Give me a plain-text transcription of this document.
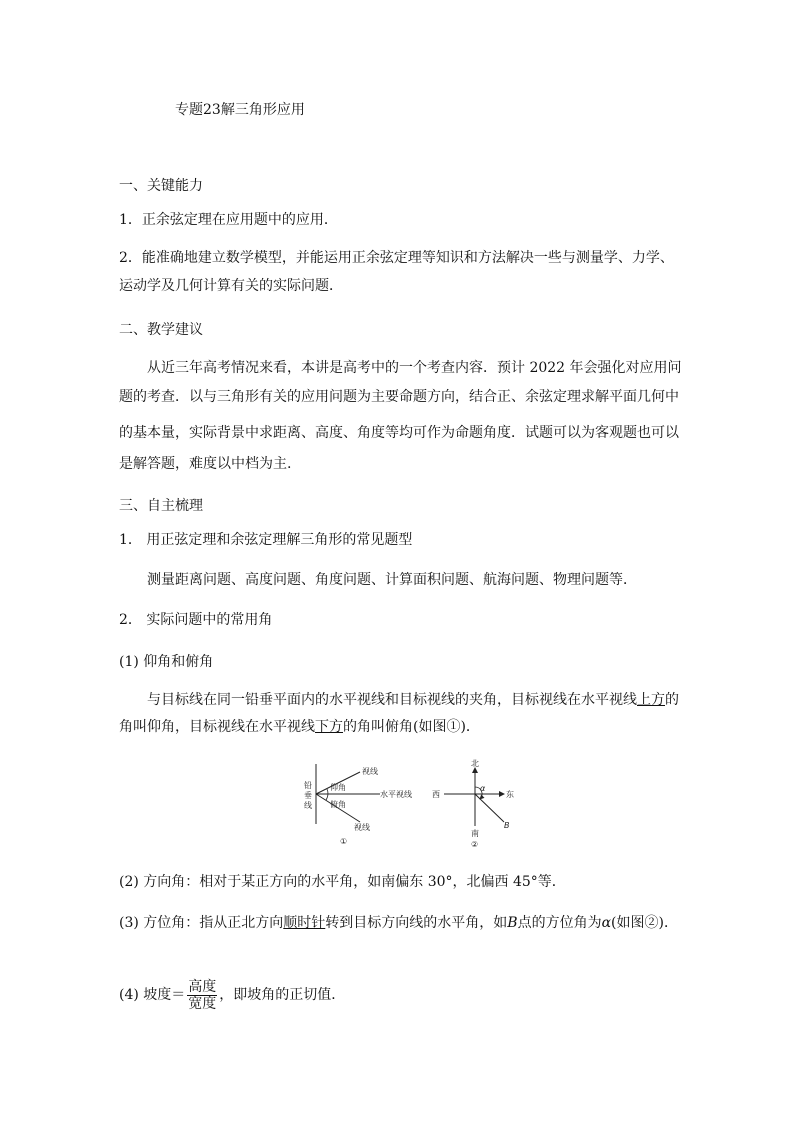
专题23解三角形应用
一、关键能力
1．正余弦定理在应用题中的应用．
2．能准确地建立数学模型，并能运用正余弦定理等知识和方法解决一些与测量学、力学、
运动学及几何计算有关的实际问题．
二、教学建议
从近三年高考情况来看，本讲是高考中的一个考查内容．预计 2022 年会强化对应用问
题的考查．以与三角形有关的应用问题为主要命题方向，结合正、余弦定理求解平面几何中
的基本量，实际背景中求距离、高度、角度等均可作为命题角度．试题可以为客观题也可以
是解答题，难度以中档为主.
三、自主梳理
1． 用正弦定理和余弦定理解三角形的常见题型
测量距离问题、高度问题、角度问题、计算面积问题、航海问题、物理问题等．
2． 实际问题中的常用角
(1) 仰角和俯角
与目标线在同一铅垂平面内的水平视线和目标视线的夹角，目标视线在水平视线上方的
角叫仰角，目标视线在水平视线下方的角叫俯角(如图①)．
铅
垂
线
视线
仰角
水平视线
俯角
视线
①
北
西	东
α
南
B
②
(2) 方向角：相对于某正方向的水平角，如南偏东 30°，北偏西 45°等．
(3) 方位角：指从正北方向顺时针转到目标方向线的水平角，如B点的方位角为α(如图②)．
(4) 坡度＝ $\frac{\text{高度}}{\text{宽度}}$ ，即坡角的正切值．
